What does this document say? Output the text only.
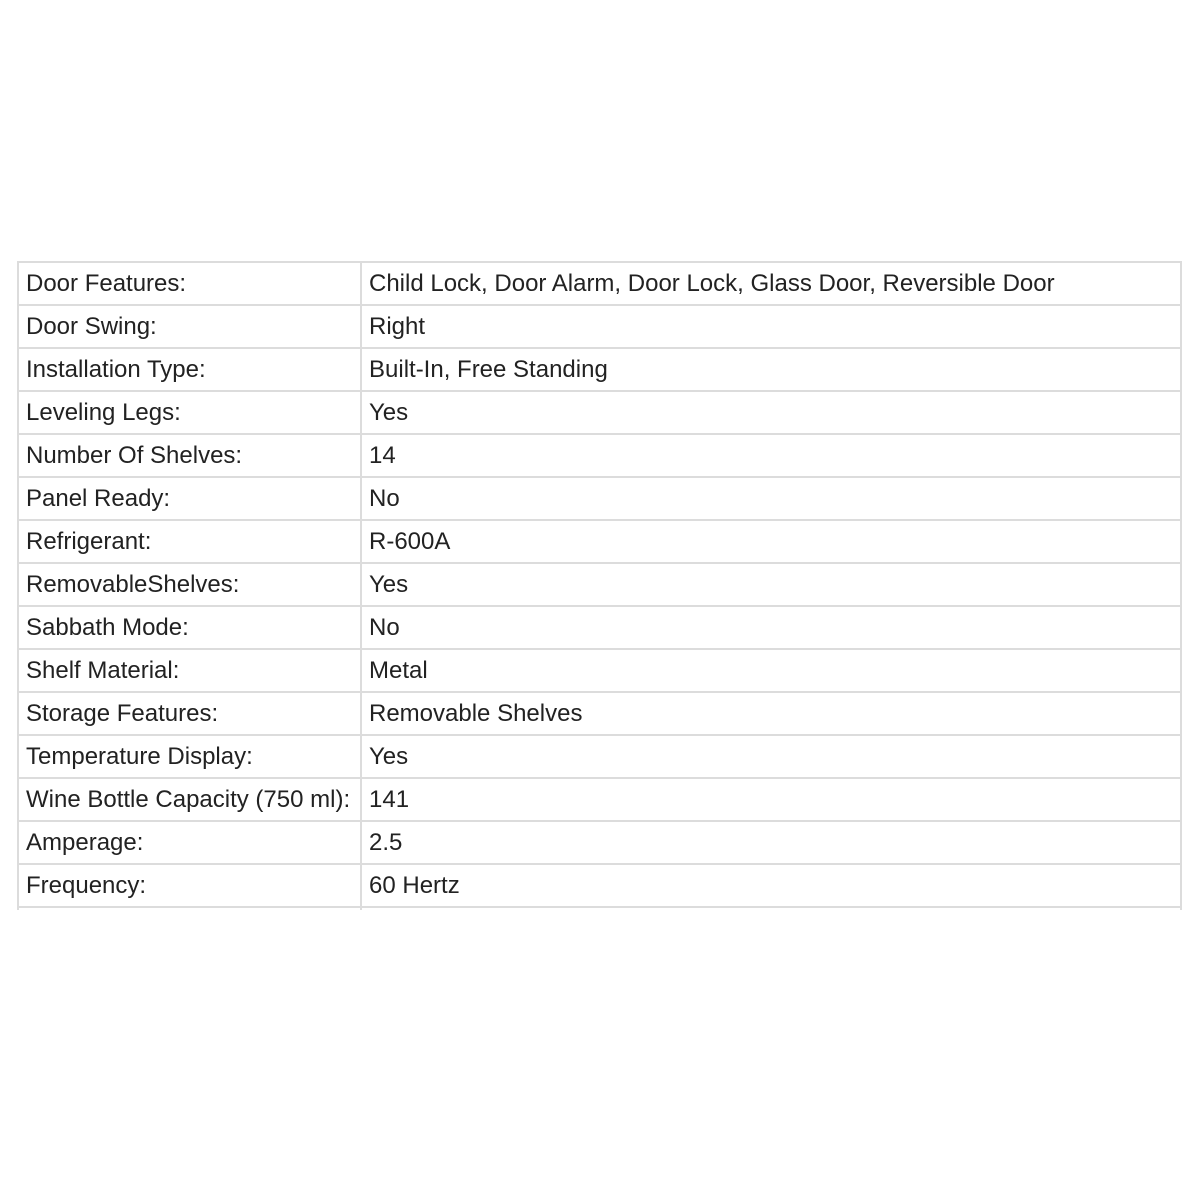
Door Features:	Child Lock, Door Alarm, Door Lock, Glass Door, Reversible Door
Door Swing:	Right
Installation Type:	Built-In, Free Standing
Leveling Legs:	Yes
Number Of Shelves:	14
Panel Ready:	No
Refrigerant:	R-600A
RemovableShelves:	Yes
Sabbath Mode:	No
Shelf Material:	Metal
Storage Features:	Removable Shelves
Temperature Display:	Yes
Wine Bottle Capacity (750 ml):	141
Amperage:	2.5
Frequency:	60 Hertz
